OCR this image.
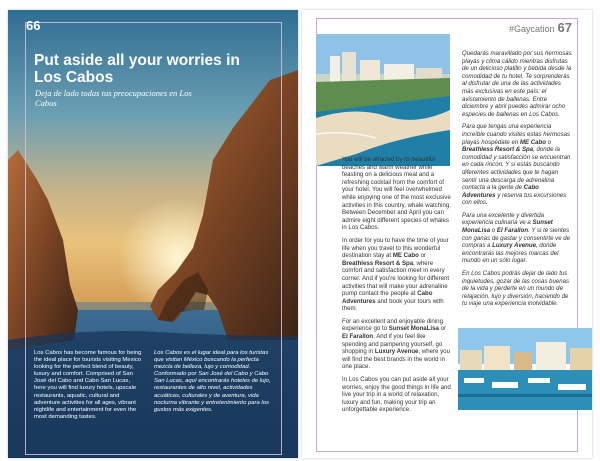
66
Put aside all your worries in Los Cabos

Deja de lado todas tus preocupaciones en Los Cabos

Los Cabos has become famous for being the ideal place for tourists visiting Mexico looking for the perfect blend of beauty, luxury and comfort. Comprised of San José del Cabo and Cabo San Lucas, here you will find luxury hotels, upscale restaurants, aquatic, cultural and adventure activities for all ages, vibrant nightlife and entertainment for even the most demanding tastes.

Los Cabos es el lugar ideal para los turistas que visitan México buscando la perfecta mezcla de belleza, lujo y comodidad. Conformado por San José del Cabo y Cabo San Lucas, aquí encontrarás hoteles de lujo, restaurantes de alto nivel, actividades acuáticas, culturales y de aventura, vida nocturna vibrante y entretenimiento para los gustos más exigentes.

#Gaycation 67

You will be amazed by its beautiful beaches and warm weather while feasting on a delicious meal and a refreshing cocktail from the comfort of your hotel. You will feel overwhelmed while enjoying one of the most exclusive activities in this country, whale watching. Between December and April you can admire eight different species of whales in Los Cabos.

In order for you to have the time of your life when you travel to this wonderful destination stay at ME Cabo or Breathless Resort & Spa, where comfort and satisfaction meet in every corner. And if you're looking for different activities that will make your adrenaline pump contact the people at Cabo Adventures and book your tours with them.

For an excellent and enjoyable dining experience go to Sunset MonaLisa or El Farallon. And if you feel like spending and pampering yourself, go shopping in Luxury Avenue, where you will find the best brands in the world in one place.

In Los Cabos you can put aside all your worries, enjoy the good things in life and live your trip in a world of relaxation, luxury and fun, making your trip an unforgettable experience.

Quedarás maravillado por sus hermosas playas y clima cálido mientras disfrutas de un delicioso platillo y bebida desde la comodidad de tu hotel. Te sorprenderás al disfrutar de una de las actividades más exclusivas en este país: el avistamiento de ballenas. Entre diciembre y abril puedes admirar ocho especies de ballenas en Los Cabos.

Para que tengas una experiencia increíble cuando visites estas hermosas playas hospédate en ME Cabo o Breathless Resort & Spa, donde la comodidad y satisfacción se encuentran en cada rincón. Y si estás buscando diferentes actividades que te hagan sentir una descarga de adrenalina contacta a la gente de Cabo Adventures y reserva tus excursiones con ellos.

Para una excelente y divertida experiencia culinaria ve a Sunset MonaLisa o El Farallon. Y si te sientes con ganas de gastar y consentirte ve de compras a Luxury Avenue, donde encontrarás las mejores marcas del mundo en un sólo lugar.

En Los Cabos podrás dejar de lado tus inquietudes, gozar de las cosas buenas de la vida y perderte en un mundo de relajación, lujo y diversión, haciendo de tu viaje una experiencia inolvidable.
